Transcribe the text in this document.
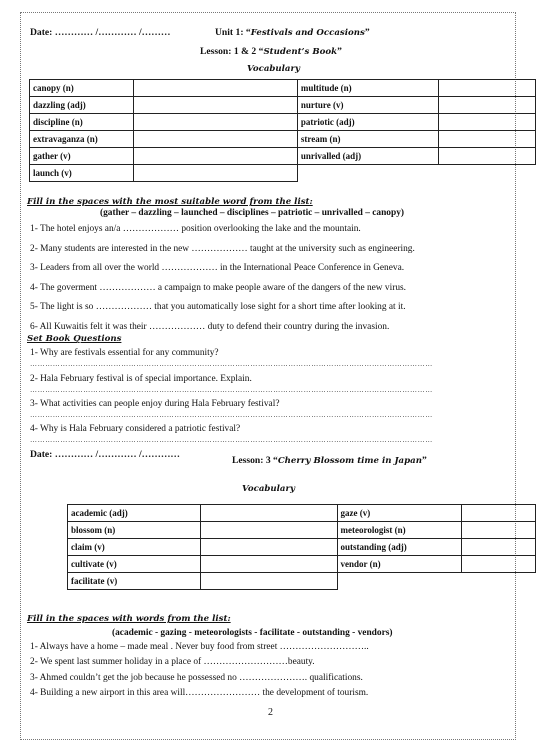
Date: ………… /………… /………	Unit 1: “Festivals and Occasions”
Lesson: 1 & 2 “Student’s Book”
Vocabulary
canopy (n)		multitude (n)	
dazzling (adj)		nurture (v)	
discipline (n)		patriotic (adj)	
extravaganza (n)		stream (n)	
gather (v)		unrivalled (adj)	
launch (v)			
Fill in the spaces with the most suitable word from the list:
(gather – dazzling – launched – disciplines – patriotic – unrivalled – canopy)
1- The hotel enjoys an/a ……………… position overlooking the lake and the mountain.
2- Many students are interested in the new ……………… taught at the university such as engineering.
3- Leaders from all over the world ……………… in the International Peace Conference in Geneva.
4- The goverment ……………… a campaign to make people aware of the dangers of the new virus.
5- The light is so ……………… that you automatically lose sight for a short time after looking at it.
6- All Kuwaitis felt it was their ……………… duty to defend their country during the invasion.
Set Book Questions
1- Why are festivals essential for any community?
……………………………………………………………………………………………………………………………………………
2- Hala February festival is of special importance. Explain.
……………………………………………………………………………………………………………………………………………
3- What activities can people enjoy during Hala February festival?
……………………………………………………………………………………………………………………………………………
4- Why is Hala February considered a patriotic festival?
……………………………………………………………………………………………………………………………………………
Date: ………… /………… /…………
Lesson: 3 “Cherry Blossom time in Japan”
Vocabulary
academic (adj)		gaze (v)	
blossom (n)		meteorologist (n)	
claim (v)		outstanding (adj)	
cultivate (v)		vendor (n)	
facilitate (v)			
Fill in the spaces with words from the list:
(academic - gazing - meteorologists - facilitate - outstanding - vendors)
1- Always have a home – made meal . Never buy food from street ………………………..
2- We spent last summer holiday in a place of ………………………beauty.
3- Ahmed couldn’t get the job because he possessed no …………………. qualifications.
4- Building a new airport in this area will…………………… the development of tourism.
2
